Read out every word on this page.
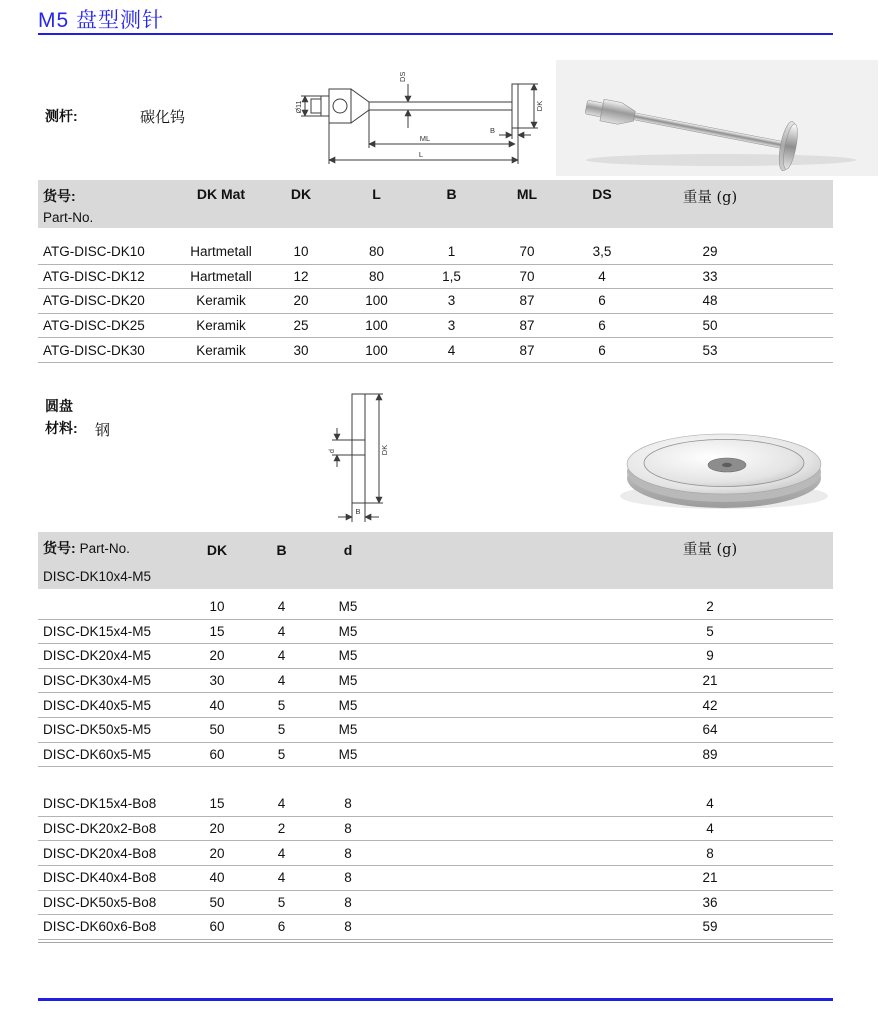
M5 盘型测针
测杆:	碳化钨
Ø11
DS
DK
B
ML
L
货号:
Part-No.
DK Mat	DK	L	B	ML	DS	重量 (g)
ATG-DISC-DK10	Hartmetall	10	80	1	70	3,5	29	
ATG-DISC-DK12	Hartmetall	12	80	1,5	70	4	33	
ATG-DISC-DK20	Keramik	20	100	3	87	6	48	
ATG-DISC-DK25	Keramik	25	100	3	87	6	50	
ATG-DISC-DK30	Keramik	30	100	4	87	6	53	
圆盘
材料: 钢
d	DK
B
货号: Part-No.	DK	B	d	重量 (g)
DISC-DK10x4-M5
	10	4	M5		2	
DISC-DK15x4-M5	15	4	M5		5	
DISC-DK20x4-M5	20	4	M5		9	
DISC-DK30x4-M5	30	4	M5		21	
DISC-DK40x5-M5	40	5	M5		42	
DISC-DK50x5-M5	50	5	M5		64	
DISC-DK60x5-M5	60	5	M5		89	

DISC-DK15x4-Bo8	15	4	8		4	
DISC-DK20x2-Bo8	20	2	8		4	
DISC-DK20x4-Bo8	20	4	8		8	
DISC-DK40x4-Bo8	40	4	8		21	
DISC-DK50x5-Bo8	50	5	8		36	
DISC-DK60x6-Bo8	60	6	8		59	
